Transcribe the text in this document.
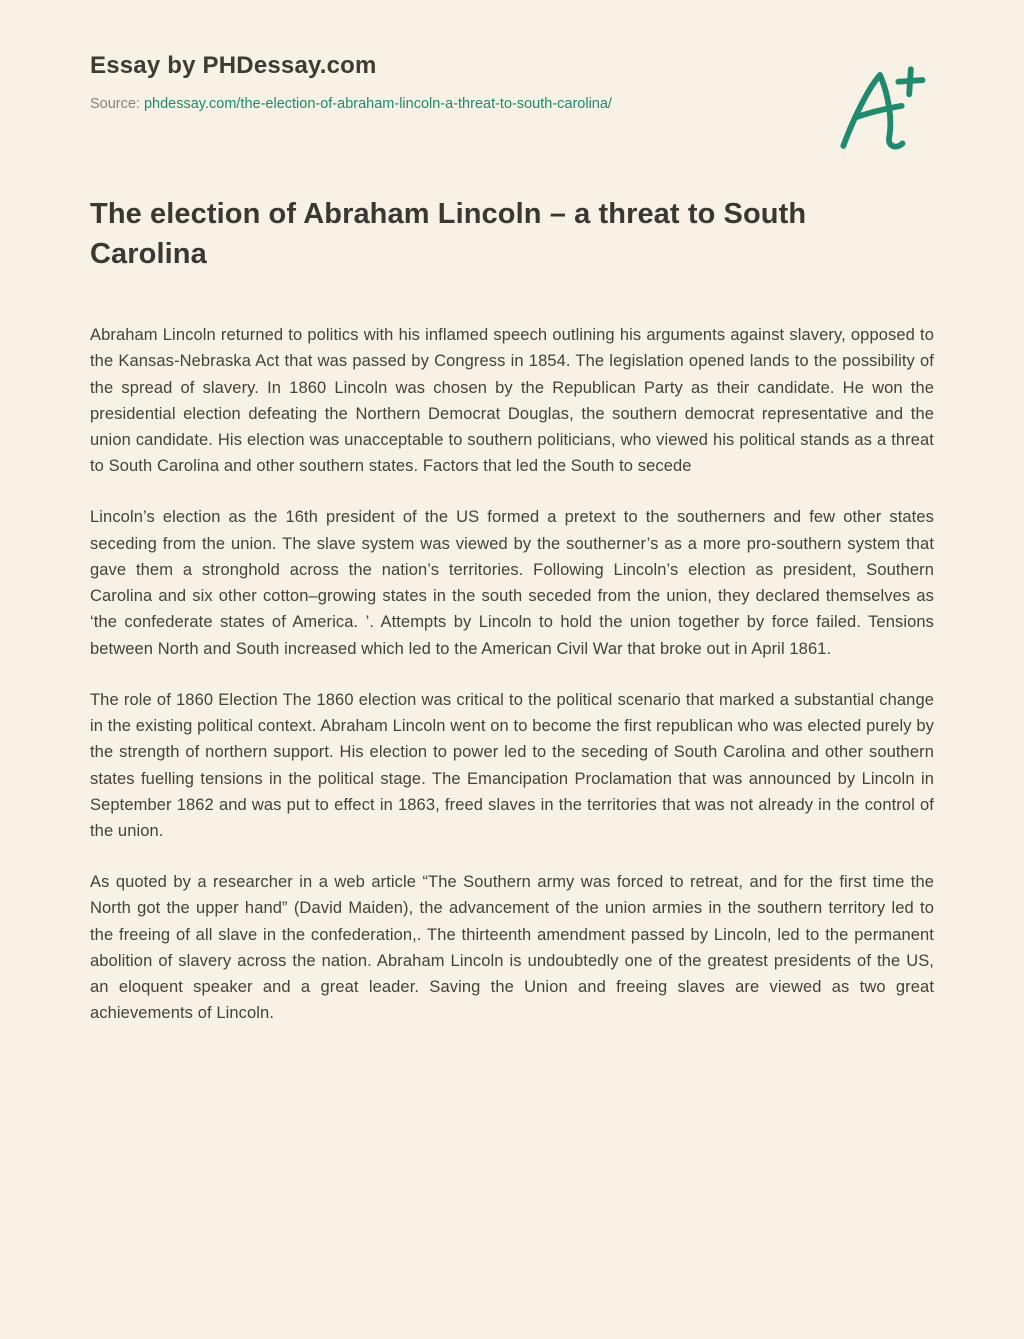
Essay by PHDessay.com
Source: phdessay.com/the-election-of-abraham-lincoln-a-threat-to-south-carolina/
The election of Abraham Lincoln – a threat to South Carolina

Abraham Lincoln returned to politics with his inflamed speech outlining his arguments against slavery, opposed to the Kansas-Nebraska Act that was passed by Congress in 1854. The legislation opened lands to the possibility of the spread of slavery. In 1860 Lincoln was chosen by the Republican Party as their candidate. He won the presidential election defeating the Northern Democrat Douglas, the southern democrat representative and the union candidate. His election was unacceptable to southern politicians, who viewed his political stands as a threat to South Carolina and other southern states. Factors that led the South to secede

Lincoln’s election as the 16th president of the US formed a pretext to the southerners and few other states seceding from the union. The slave system was viewed by the southerner’s as a more pro-southern system that gave them a stronghold across the nation’s territories. Following Lincoln’s election as president, Southern Carolina and six other cotton–growing states in the south seceded from the union, they declared themselves as ‘the confederate states of America. ’. Attempts by Lincoln to hold the union together by force failed. Tensions between North and South increased which led to the American Civil War that broke out in April 1861.

The role of 1860 Election The 1860 election was critical to the political scenario that marked a substantial change in the existing political context. Abraham Lincoln went on to become the first republican who was elected purely by the strength of northern support. His election to power led to the seceding of South Carolina and other southern states fuelling tensions in the political stage. The Emancipation Proclamation that was announced by Lincoln in September 1862 and was put to effect in 1863, freed slaves in the territories that was not already in the control of the union.

As quoted by a researcher in a web article “The Southern army was forced to retreat, and for the first time the North got the upper hand” (David Maiden), the advancement of the union armies in the southern territory led to the freeing of all slave in the confederation,. The thirteenth amendment passed by Lincoln, led to the permanent abolition of slavery across the nation. Abraham Lincoln is undoubtedly one of the greatest presidents of the US, an eloquent speaker and a great leader. Saving the Union and freeing slaves are viewed as two great achievements of Lincoln.
